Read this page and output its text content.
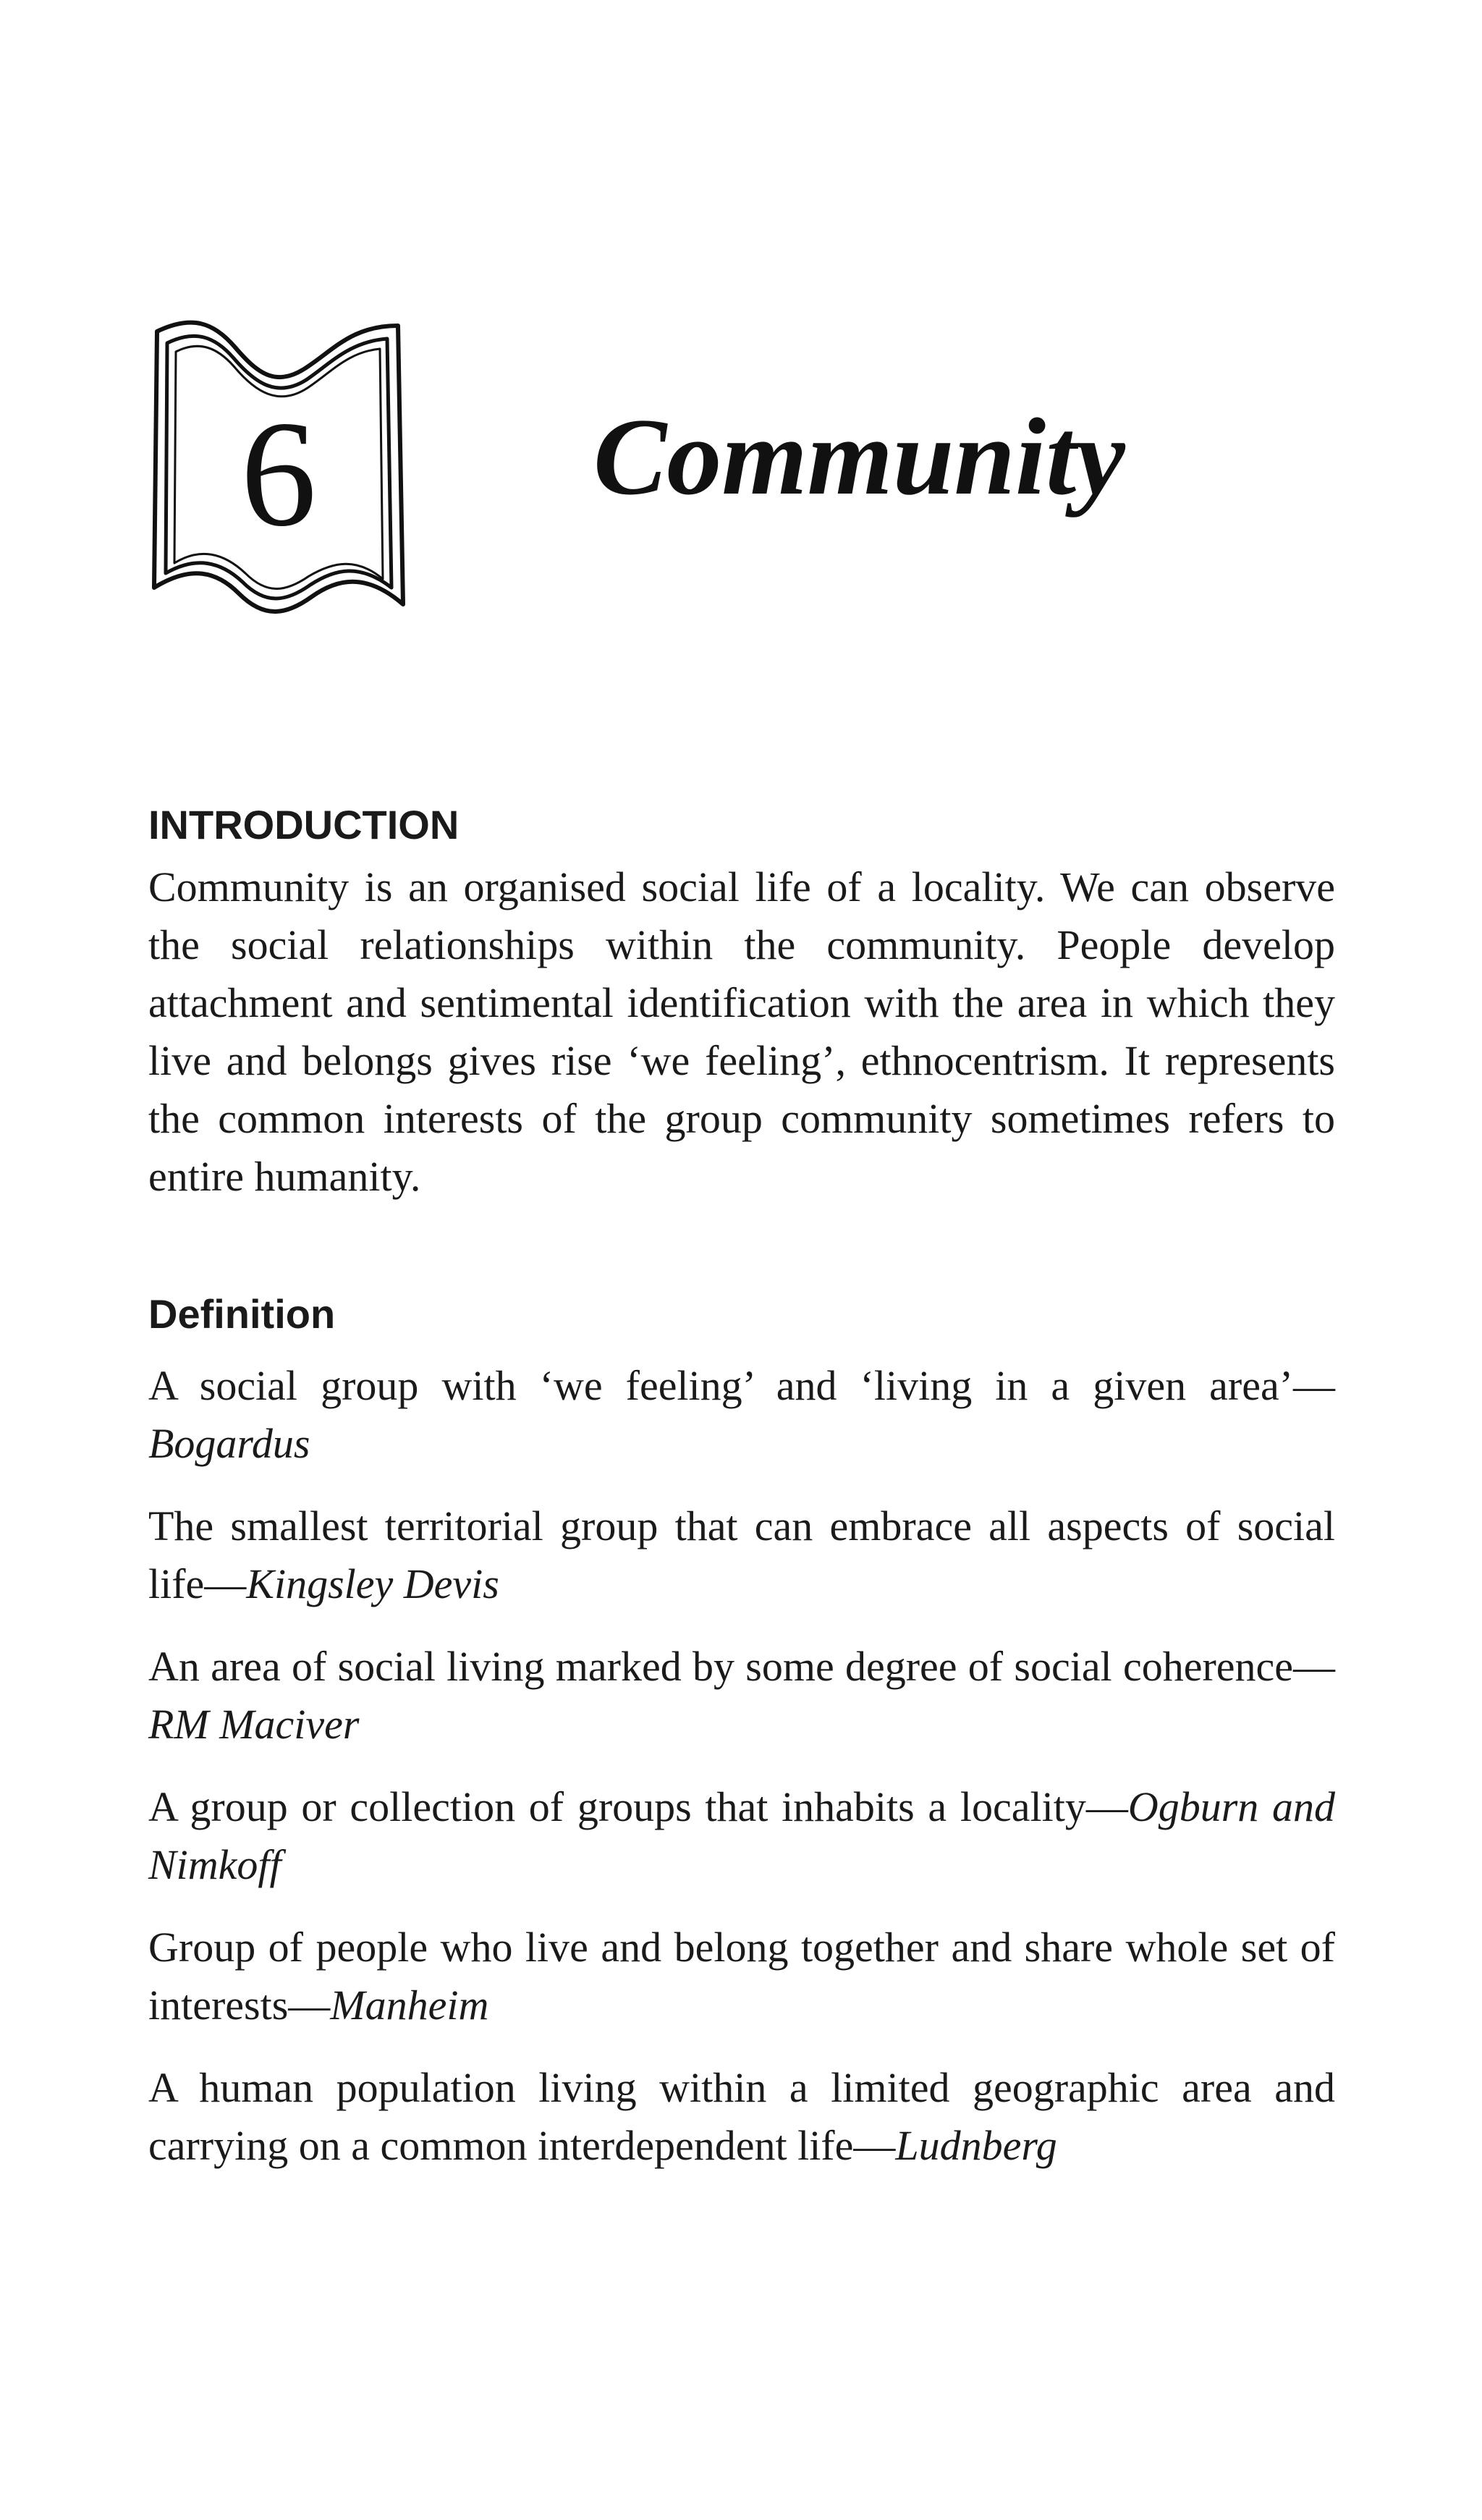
6	Community
INTRODUCTION

Community is an organised social life of a locality. We can observe the social relationships within the community. People develop attachment and sentimental identification with the area in which they live and belongs gives rise ‘we feeling’, ethnocentrism. It represents the common interests of the group community sometimes refers to entire humanity.

Definition
A social group with ‘we feeling’ and ‘living in a given area’—Bogardus
The smallest territorial group that can embrace all aspects of social life—Kingsley Devis
An area of social living marked by some degree of social coherence—RM Maciver
A group or collection of groups that inhabits a locality—Ogburn and Nimkoff
Group of people who live and belong together and share whole set of interests—Manheim
A human population living within a limited geographic area and carrying on a common interdependent life—Ludnberg
